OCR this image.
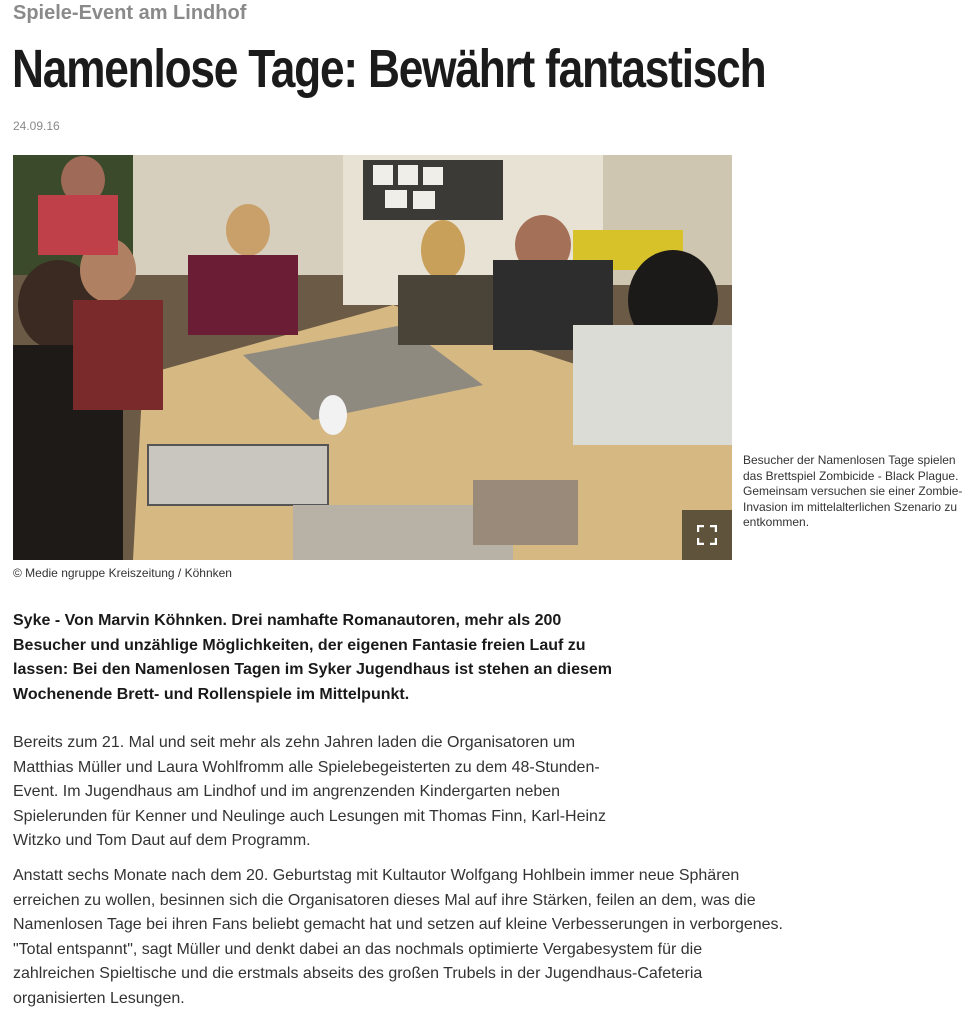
Spiele-Event am Lindhof
Namenlose Tage: Bewährt fantastisch
24.09.16
Besucher der Namenlosen Tage spielen das Brettspiel Zombicide - Black Plague. Gemeinsam versuchen sie einer Zombie-Invasion im mittelalterlichen Szenario zu entkommen.
© Medie ngruppe Kreiszeitung / Köhnken
Syke - Von Marvin Köhnken. Drei namhafte Romanautoren, mehr als 200 Besucher und unzählige Möglichkeiten, der eigenen Fantasie freien Lauf zu lassen: Bei den Namenlosen Tagen im Syker Jugendhaus ist stehen an diesem Wochenende Brett- und Rollenspiele im Mittelpunkt.
Bereits zum 21. Mal und seit mehr als zehn Jahren laden die Organisatoren um Matthias Müller und Laura Wohlfromm alle Spielebegeisterten zu dem 48-Stunden-Event. Im Jugendhaus am Lindhof und im angrenzenden Kindergarten neben Spielerunden für Kenner und Neulinge auch Lesungen mit Thomas Finn, Karl-Heinz Witzko und Tom Daut auf dem Programm.
Anstatt sechs Monate nach dem 20. Geburtstag mit Kultautor Wolfgang Hohlbein immer neue Sphären erreichen zu wollen, besinnen sich die Organisatoren dieses Mal auf ihre Stärken, feilen an dem, was die Namenlosen Tage bei ihren Fans beliebt gemacht hat und setzen auf kleine Verbesserungen in verborgenes. "Total entspannt", sagt Müller und denkt dabei an das nochmals optimierte Vergabesystem für die zahlreichen Spieltische und die erstmals abseits des großen Trubels in der Jugendhaus-Cafeteria organisierten Lesungen.
